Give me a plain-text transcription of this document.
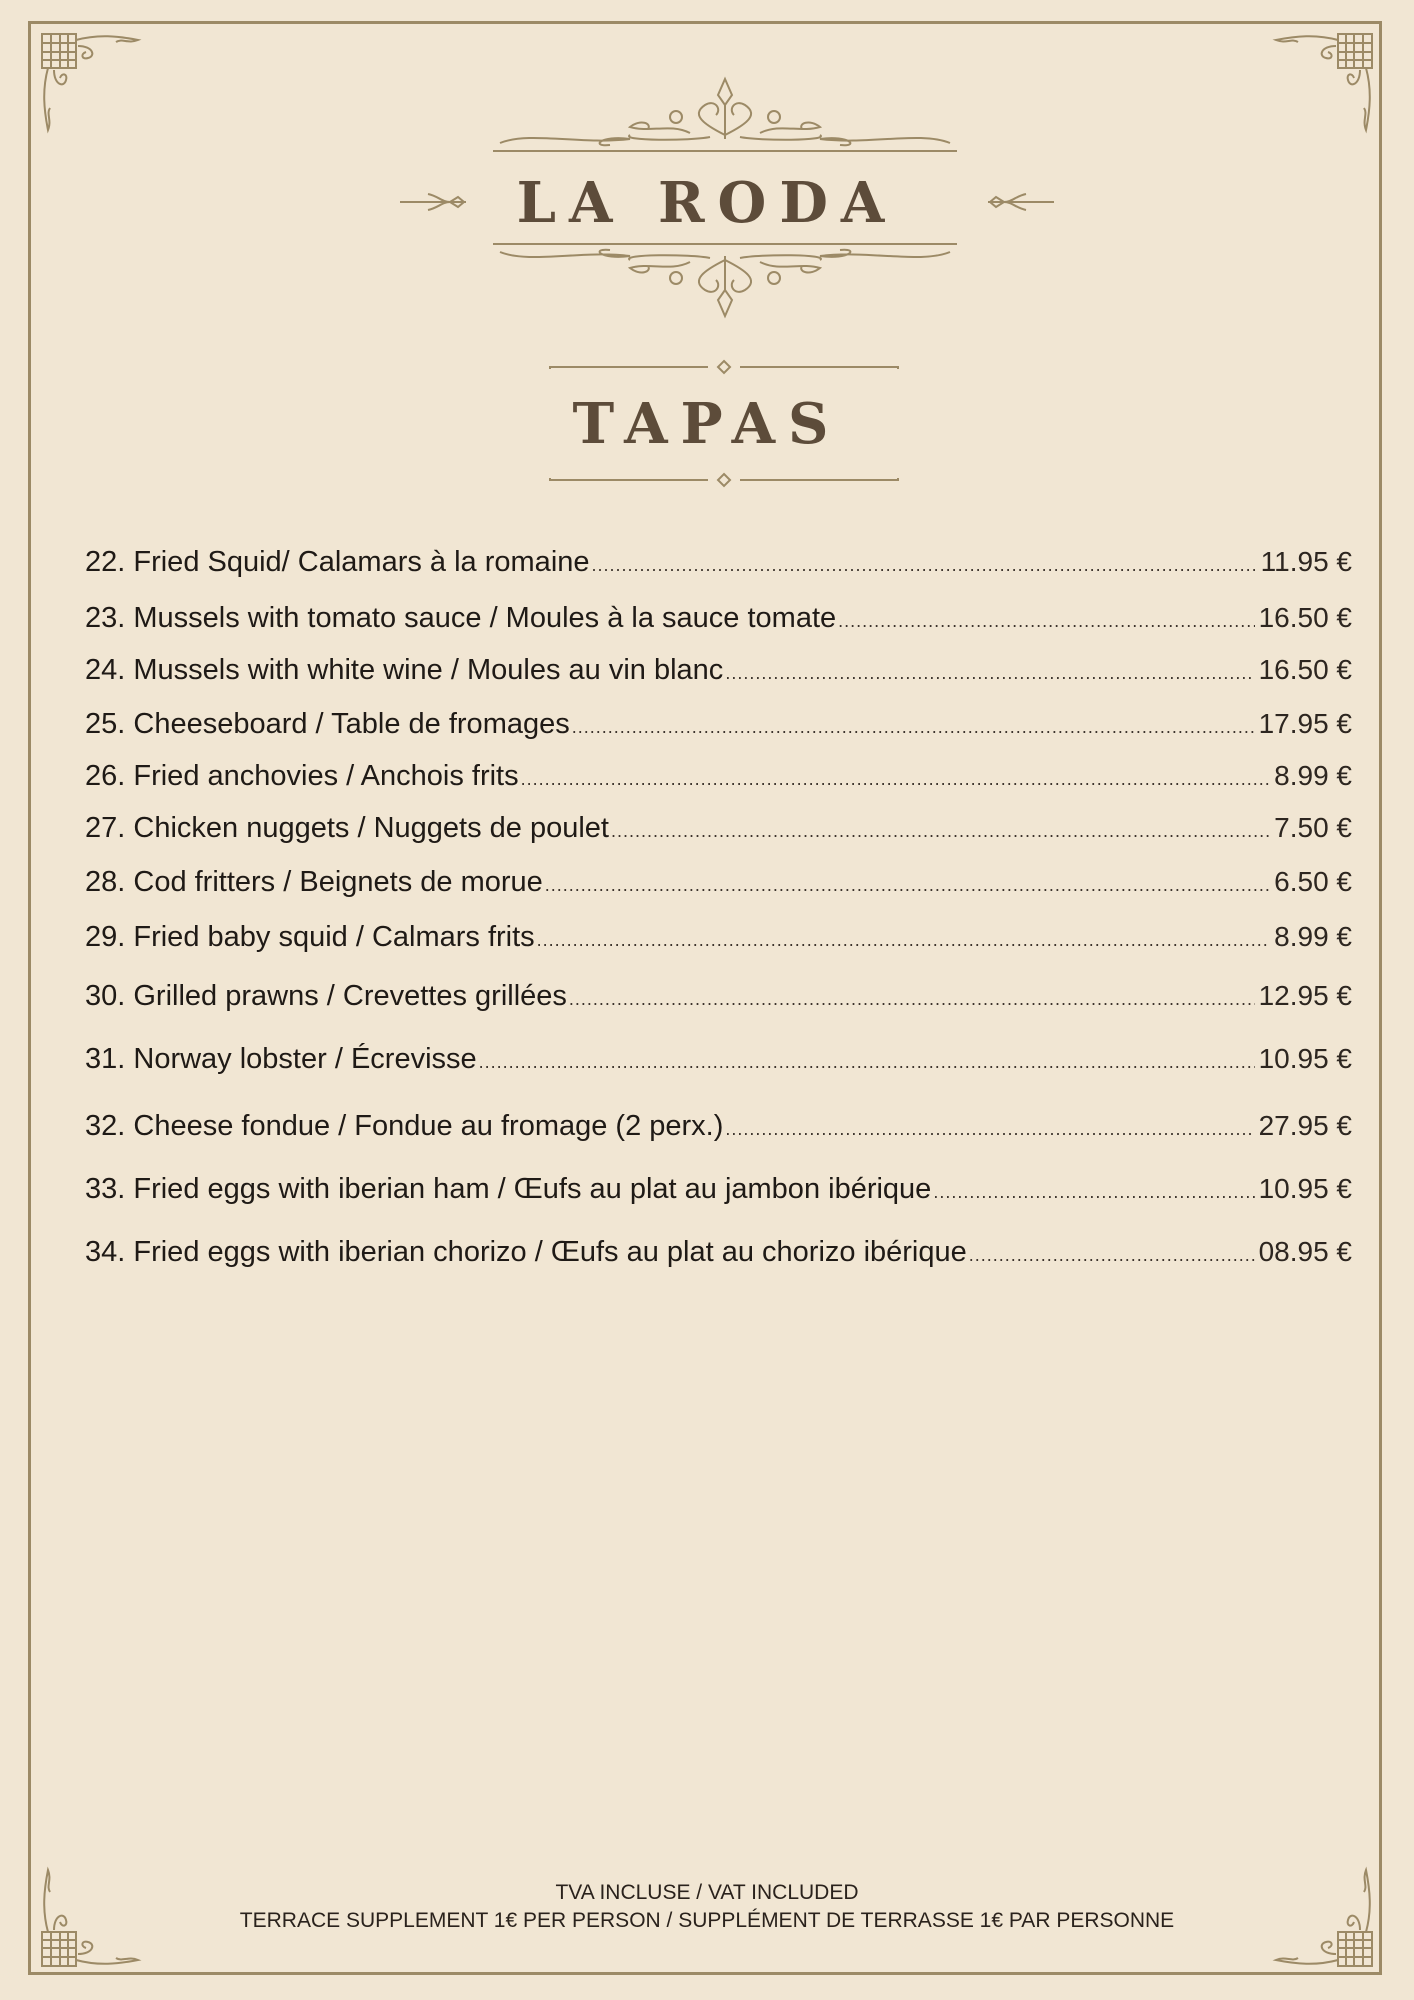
LA RODA
TAPAS
22. Fried Squid/ Calamars à la romaine .....	11.95 €
23. Mussels with tomato sauce / Moules à la sauce tomate .....	16.50 €
24. Mussels with white wine / Moules au vin blanc .....	16.50 €
25. Cheeseboard / Table de fromages .....	17.95 €
26. Fried anchovies / Anchois frits .....	8.99 €
27. Chicken nuggets / Nuggets de poulet .....	7.50 €
28. Cod fritters / Beignets de morue .....	6.50 €
29. Fried baby squid / Calmars frits .....	8.99 €
30. Grilled prawns / Crevettes grillées .....	12.95 €
31. Norway lobster / Écrevisse .....	10.95 €
32. Cheese fondue / Fondue au fromage (2 perx.) .....	27.95 €
33. Fried eggs with iberian ham / Œufs au plat au jambon ibérique .....	10.95 €
34. Fried eggs with iberian chorizo / Œufs au plat au chorizo ibérique .....	08.95 €
TVA INCLUSE / VAT INCLUDED
TERRACE SUPPLEMENT 1€ PER PERSON / SUPPLÉMENT DE TERRASSE 1€ PAR PERSONNE
